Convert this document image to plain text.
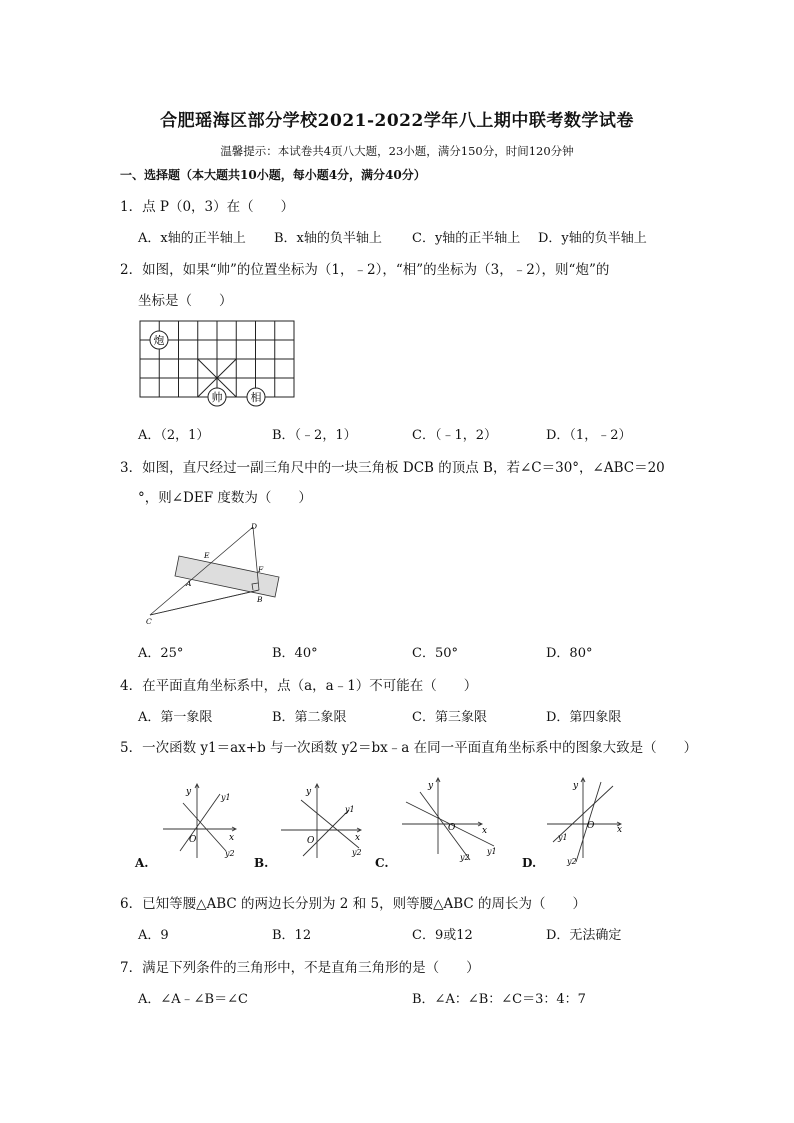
合肥瑶海区部分学校2021-2022学年八上期中联考数学试卷
温馨提示：本试卷共4页八大题，23小题，满分150分，时间120分钟
一、选择题（本大题共10小题，每小题4分，满分40分）
1．点 P（0，3）在（　　）
A．x轴的正半轴上 B．x轴的负半轴上 C．y轴的正半轴上 D．y轴的负半轴上
2．如图，如果“帅”的位置坐标为（1，﹣2），“相”的坐标为（3，﹣2），则“炮”的
坐标是（　　）
炮
帅	相
A．（2，1）	B．（﹣2，1）	C．（﹣1，2）	D．（1，﹣2）
3．如图，直尺经过一副三角尺中的一块三角板 DCB 的顶点 B，若∠C＝30°，∠ABC＝20
°，则∠DEF 度数为（　　）
D
E
A
F
B
C
A．25°	B．40°	C．50°	D．80°
4．在平面直角坐标系中，点（a，a﹣1）不可能在（　　）
A．第一象限	B．第二象限	C．第三象限	D．第四象限
5．一次函数 y1＝ax+b 与一次函数 y2＝bx﹣a 在同一平面直角坐标系中的图象大致是（　　）
y
x
O
y1
y2
A.
y
x
O
y1
y2
B.
y
x
O
y1
y2
C.
y
x
O
y1
y2
D.
6．已知等腰△ABC 的两边长分别为 2 和 5，则等腰△ABC 的周长为（　　）
A．9	B．12	C．9或12	D．无法确定
7．满足下列条件的三角形中，不是直角三角形的是（　　）
A．∠A﹣∠B＝∠C	B．∠A：∠B：∠C＝3：4：7
